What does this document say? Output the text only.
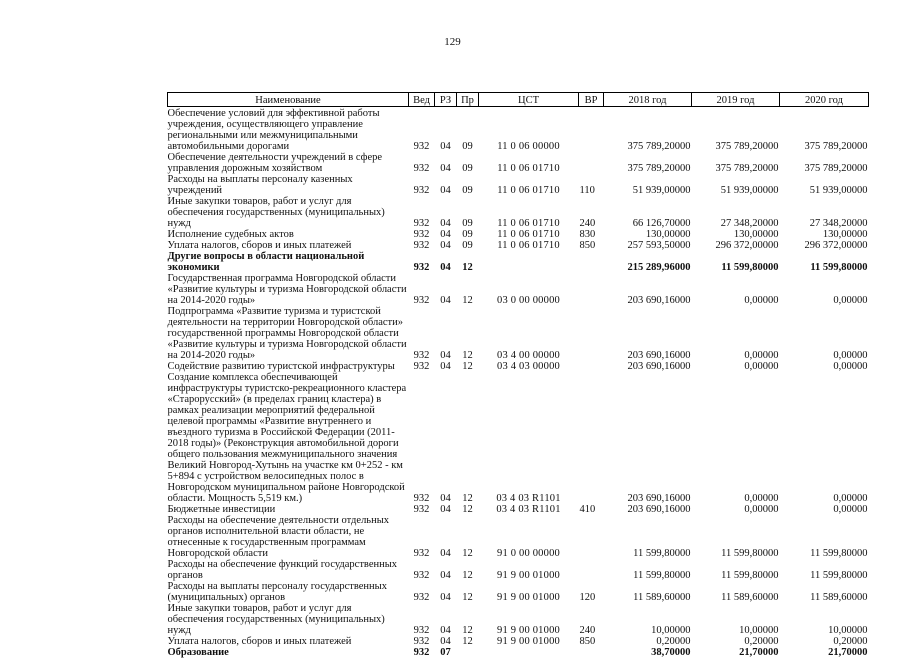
129
Наименование	Вед	РЗ	Пр	ЦСТ	ВР	2018 год	2019 год	2020 год
Обеспечение условий для эффективной работы учреждения, осуществляющего управление региональными или межмуниципальными автомобильными дорогами	932	04	09	11 0 06 00000		375 789,20000	375 789,20000	375 789,20000
Обеспечение деятельности учреждений в сфере управления дорожным хозяйством	932	04	09	11 0 06 01710		375 789,20000	375 789,20000	375 789,20000
Расходы на выплаты персоналу казенных учреждений	932	04	09	11 0 06 01710	110	51 939,00000	51 939,00000	51 939,00000
Иные закупки товаров, работ и услуг для обеспечения государственных (муниципальных) нужд	932	04	09	11 0 06 01710	240	66 126,70000	27 348,20000	27 348,20000
Исполнение судебных актов	932	04	09	11 0 06 01710	830	130,00000	130,00000	130,00000
Уплата налогов, сборов и иных платежей	932	04	09	11 0 06 01710	850	257 593,50000	296 372,00000	296 372,00000
Другие вопросы в области национальной экономики	932	04	12			215 289,96000	11 599,80000	11 599,80000
Государственная программа Новгородской области «Развитие культуры и туризма Новгородской области на 2014-2020 годы»	932	04	12	03 0 00 00000		203 690,16000	0,00000	0,00000
Подпрограмма «Развитие туризма и туристской деятельности на территории Новгородской области» государственной программы Новгородской области «Развитие культуры и туризма Новгородской области на 2014-2020 годы»	932	04	12	03 4 00 00000		203 690,16000	0,00000	0,00000
Содействие развитию туристской инфраструктуры	932	04	12	03 4 03 00000		203 690,16000	0,00000	0,00000
Создание комплекса обеспечивающей инфраструктуры туристско-рекреационного кластера «Старорусский» (в пределах границ кластера) в рамках реализации мероприятий федеральной целевой программы «Развитие внутреннего и въездного туризма в Российской Федерации (2011-2018 годы)» (Реконструкция автомобильной дороги общего пользования межмуниципального значения Великий Новгород-Хутынь на участке км 0+252 - км 5+894 с устройством велосипедных полос в Новгородском муниципальном районе Новгородской области. Мощность 5,519 км.)	932	04	12	03 4 03 R1101		203 690,16000	0,00000	0,00000
Бюджетные инвестиции	932	04	12	03 4 03 R1101	410	203 690,16000	0,00000	0,00000
Расходы на обеспечение деятельности отдельных органов исполнительной власти области, не отнесенные к государственным программам Новгородской области	932	04	12	91 0 00 00000		11 599,80000	11 599,80000	11 599,80000
Расходы на обеспечение функций государственных органов	932	04	12	91 9 00 01000		11 599,80000	11 599,80000	11 599,80000
Расходы на выплаты персоналу государственных (муниципальных) органов	932	04	12	91 9 00 01000	120	11 589,60000	11 589,60000	11 589,60000
Иные закупки товаров, работ и услуг для обеспечения государственных (муниципальных) нужд	932	04	12	91 9 00 01000	240	10,00000	10,00000	10,00000
Уплата налогов, сборов и иных платежей	932	04	12	91 9 00 01000	850	0,20000	0,20000	0,20000
Образование	932	07				38,70000	21,70000	21,70000
